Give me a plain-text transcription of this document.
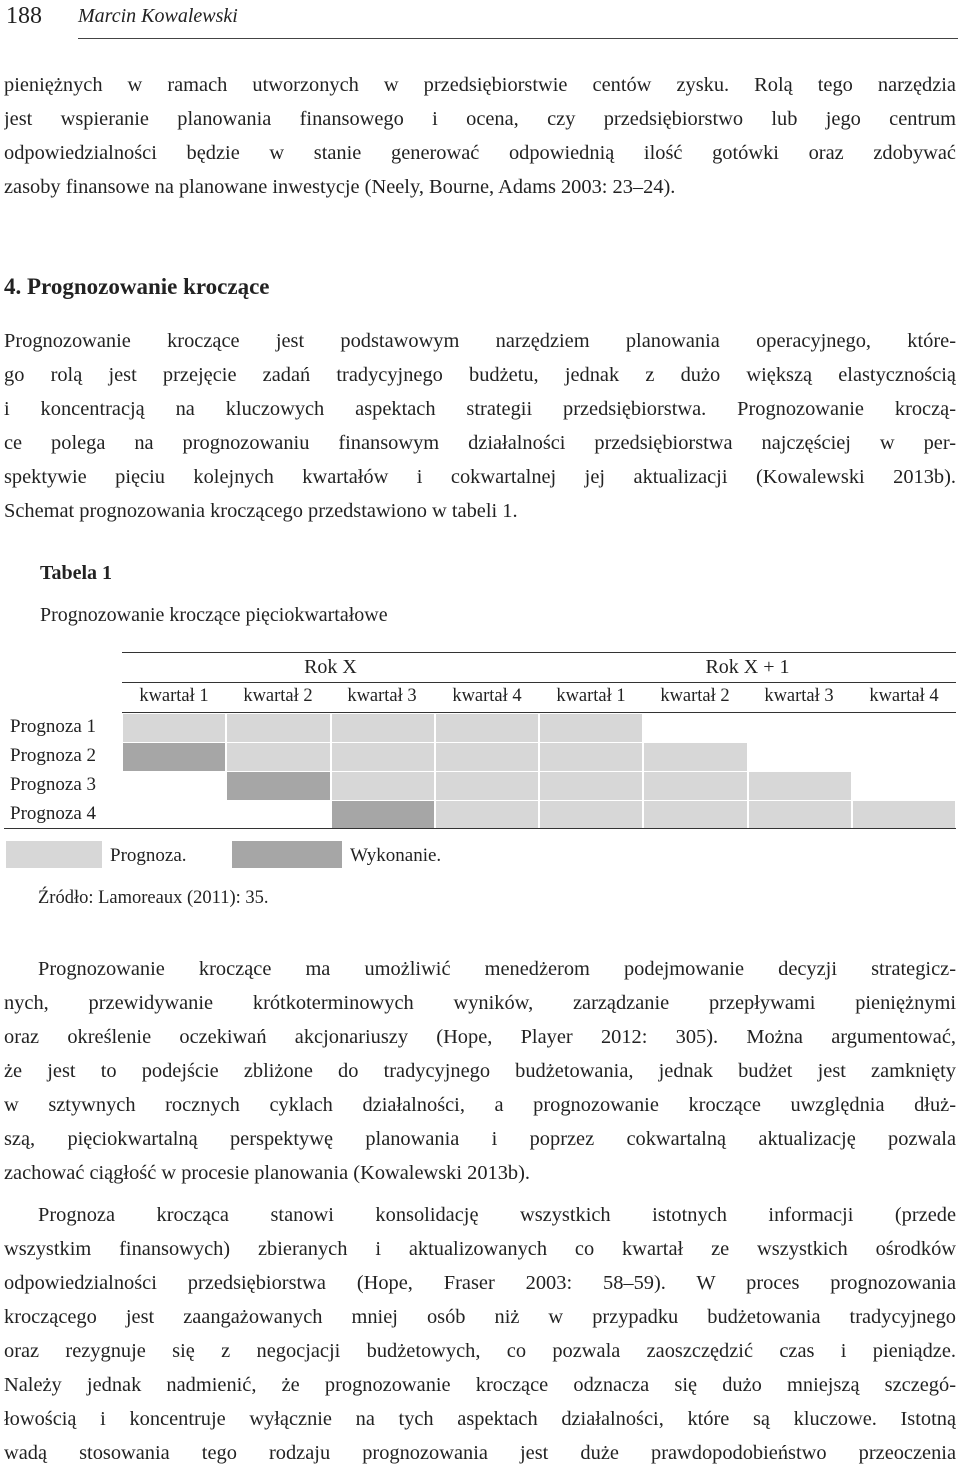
188 Marcin Kowalewski
pieniężnych w ramach utworzonych w przedsiębiorstwie centów zysku. Rolą tego narzędzia
jest wspieranie planowania finansowego i ocena, czy przedsiębiorstwo lub jego centrum
odpowiedzialności będzie w stanie generować odpowiednią ilość gotówki oraz zdobywać
zasoby finansowe na planowane inwestycje (Neely, Bourne, Adams 2003: 23–24).
4. Prognozowanie kroczące
Prognozowanie kroczące jest podstawowym narzędziem planowania operacyjnego, które-
go rolą jest przejęcie zadań tradycyjnego budżetu, jednak z dużo większą elastycznością
i koncentracją na kluczowych aspektach strategii przedsiębiorstwa. Prognozowanie kroczą-
ce polega na prognozowaniu finansowym działalności przedsiębiorstwa najczęściej w per-
spektywie pięciu kolejnych kwartałów i cokwartalnej jej aktualizacji (Kowalewski 2013b).
Schemat prognozowania kroczącego przedstawiono w tabeli 1.
Tabela 1
Prognozowanie kroczące pięciokwartałowe
Rok X	Rok X + 1
kwartał 1	kwartał 2	kwartał 3	kwartał 4	kwartał 1	kwartał 2	kwartał 3	kwartał 4
Prognoza 1
Prognoza 2
Prognoza 3
Prognoza 4
Prognoza.	Wykonanie.
Źródło: Lamoreaux (2011): 35.
Prognozowanie kroczące ma umożliwić menedżerom podejmowanie decyzji strategicz-
nych, przewidywanie krótkoterminowych wyników, zarządzanie przepływami pieniężnymi
oraz określenie oczekiwań akcjonariuszy (Hope, Player 2012: 305). Można argumentować,
że jest to podejście zbliżone do tradycyjnego budżetowania, jednak budżet jest zamknięty
w sztywnych rocznych cyklach działalności, a prognozowanie kroczące uwzględnia dłuż-
szą, pięciokwartalną perspektywę planowania i poprzez cokwartalną aktualizację pozwala
zachować ciągłość w procesie planowania (Kowalewski 2013b).
Prognoza krocząca stanowi konsolidację wszystkich istotnych informacji (przede
wszystkim finansowych) zbieranych i aktualizowanych co kwartał ze wszystkich ośrodków
odpowiedzialności przedsiębiorstwa (Hope, Fraser 2003: 58–59). W proces prognozowania
kroczącego jest zaangażowanych mniej osób niż w przypadku budżetowania tradycyjnego
oraz rezygnuje się z negocjacji budżetowych, co pozwala zaoszczędzić czas i pieniądze.
Należy jednak nadmienić, że prognozowanie kroczące odznacza się dużo mniejszą szczegó-
łowością i koncentruje wyłącznie na tych aspektach działalności, które są kluczowe. Istotną
wadą stosowania tego rodzaju prognozowania jest duże prawdopodobieństwo przeoczenia
